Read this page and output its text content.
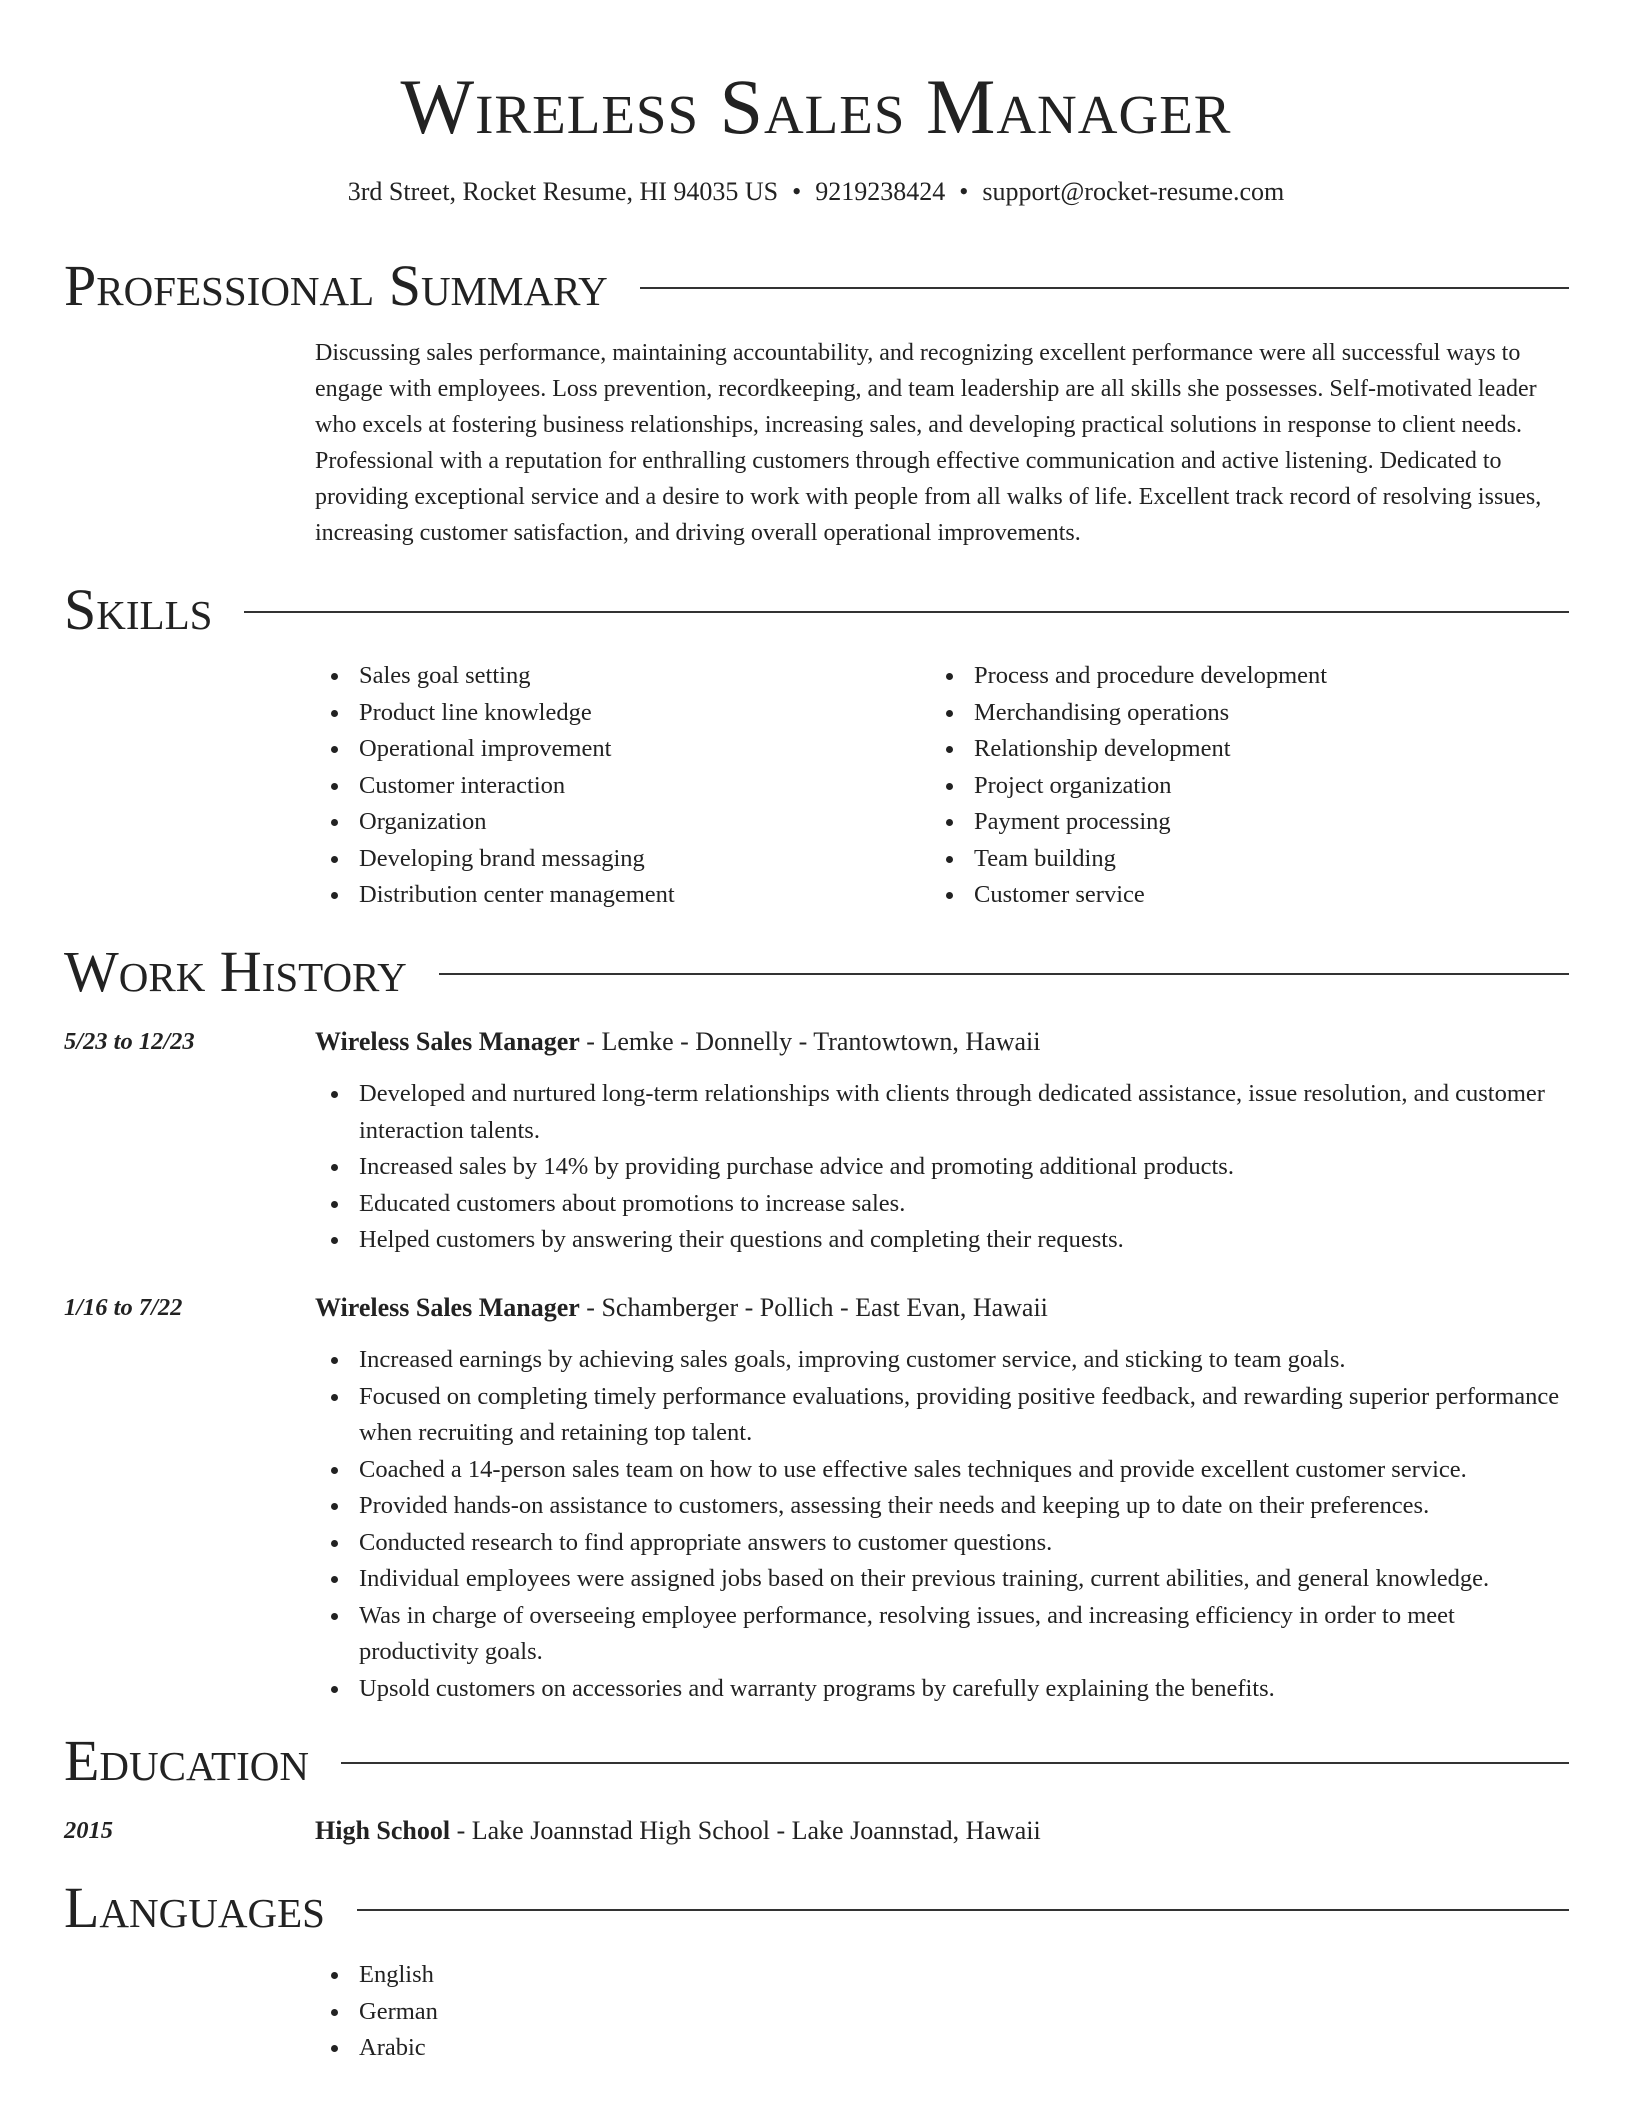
Wireless Sales Manager
3rd Street, Rocket Resume, HI 94035 US • 9219238424 • support@rocket-resume.com
Professional Summary
Discussing sales performance, maintaining accountability, and recognizing excellent performance were all successful ways to engage with employees. Loss prevention, recordkeeping, and team leadership are all skills she possesses. Self-motivated leader who excels at fostering business relationships, increasing sales, and developing practical solutions in response to client needs. Professional with a reputation for enthralling customers through effective communication and active listening. Dedicated to providing exceptional service and a desire to work with people from all walks of life. Excellent track record of resolving issues, increasing customer satisfaction, and driving overall operational improvements.
Skills
Sales goal setting
Product line knowledge
Operational improvement
Customer interaction
Organization
Developing brand messaging
Distribution center management
Process and procedure development
Merchandising operations
Relationship development
Project organization
Payment processing
Team building
Customer service
Work History
5/23 to 12/23	Wireless Sales Manager - Lemke - Donnelly - Trantowtown, Hawaii
Developed and nurtured long-term relationships with clients through dedicated assistance, issue resolution, and customer interaction talents.
Increased sales by 14% by providing purchase advice and promoting additional products.
Educated customers about promotions to increase sales.
Helped customers by answering their questions and completing their requests.
1/16 to 7/22	Wireless Sales Manager - Schamberger - Pollich - East Evan, Hawaii
Increased earnings by achieving sales goals, improving customer service, and sticking to team goals.
Focused on completing timely performance evaluations, providing positive feedback, and rewarding superior performance when recruiting and retaining top talent.
Coached a 14-person sales team on how to use effective sales techniques and provide excellent customer service.
Provided hands-on assistance to customers, assessing their needs and keeping up to date on their preferences.
Conducted research to find appropriate answers to customer questions.
Individual employees were assigned jobs based on their previous training, current abilities, and general knowledge.
Was in charge of overseeing employee performance, resolving issues, and increasing efficiency in order to meet productivity goals.
Upsold customers on accessories and warranty programs by carefully explaining the benefits.
Education
2015	High School - Lake Joannstad High School - Lake Joannstad, Hawaii
Languages
English
German
Arabic
